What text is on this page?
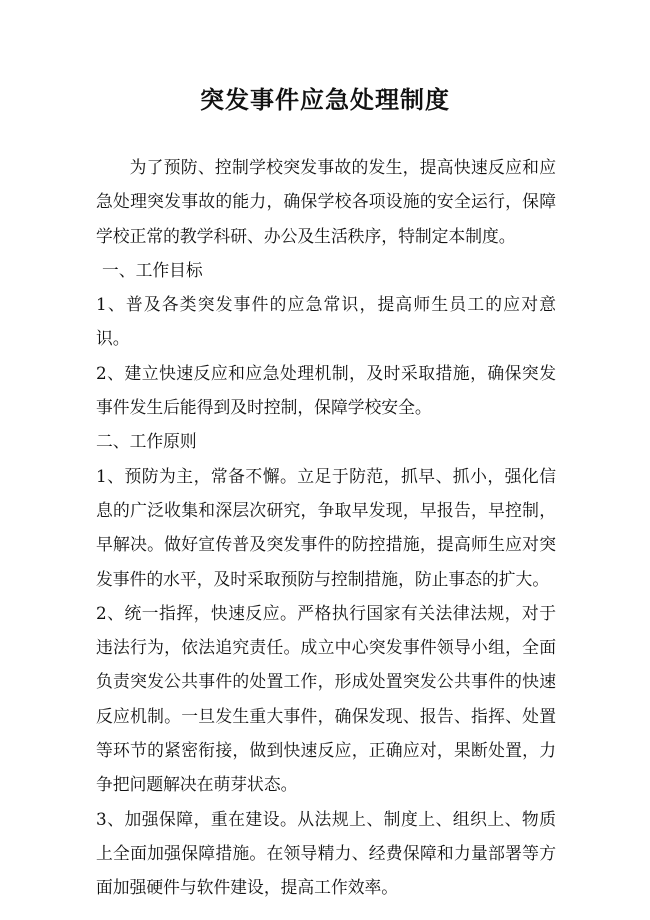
突发事件应急处理制度

为了预防、控制学校突发事故的发生，提高快速反应和应急处理突发事故的能力，确保学校各项设施的安全运行，保障学校正常的教学科研、办公及生活秩序，特制定本制度。

一、工作目标

1、普及各类突发事件的应急常识，提高师生员工的应对意识。

2、建立快速反应和应急处理机制，及时采取措施，确保突发事件发生后能得到及时控制，保障学校安全。

二、工作原则

1、预防为主，常备不懈。立足于防范，抓早、抓小，强化信息的广泛收集和深层次研究，争取早发现，早报告，早控制，早解决。做好宣传普及突发事件的防控措施，提高师生应对突发事件的水平，及时采取预防与控制措施，防止事态的扩大。

2、统一指挥，快速反应。严格执行国家有关法律法规，对于违法行为，依法追究责任。成立中心突发事件领导小组，全面负责突发公共事件的处置工作，形成处置突发公共事件的快速反应机制。一旦发生重大事件，确保发现、报告、指挥、处置等环节的紧密衔接，做到快速反应，正确应对，果断处置，力争把问题解决在萌芽状态。

3、加强保障，重在建设。从法规上、制度上、组织上、物质上全面加强保障措施。在领导精力、经费保障和力量部署等方面加强硬件与软件建设，提高工作效率。
